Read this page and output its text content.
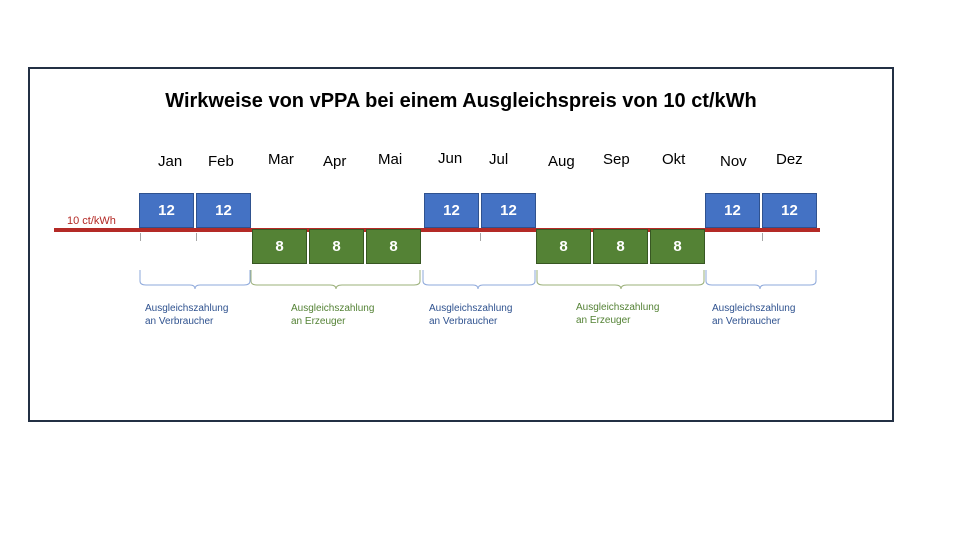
Wirkweise von vPPA bei einem Ausgleichspreis von 10 ct/kWh
Jan Feb Mar Apr Mai Jun Jul	Aug Sep Okt Nov Dez
10 ct/kWh
12	12
8	8	8
12	12
8	8	8
12	12
Ausgleichszahlung
an Verbraucher
Ausgleichszahlung
an Erzeuger
Ausgleichszahlung
an Verbraucher
Ausgleichszahlung
an Erzeuger
Ausgleichszahlung
an Verbraucher
